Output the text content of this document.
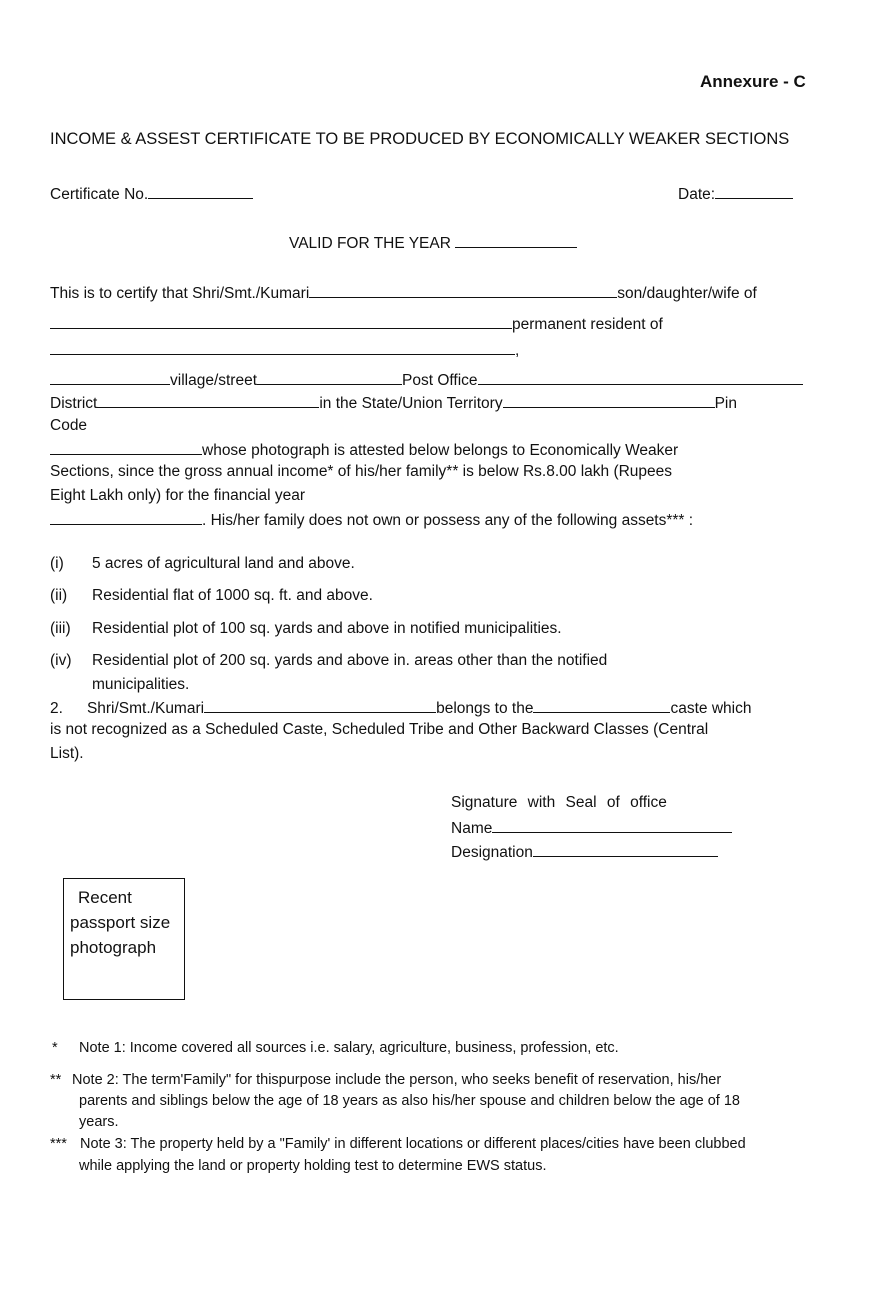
Annexure - C
INCOME & ASSEST CERTIFICATE TO BE PRODUCED BY ECONOMICALLY WEAKER SECTIONS
Certificate No.	Date:
VALID FOR THE YEAR
This is to certify that Shri/Smt./Kumari	son/daughter/wife of
permanent resident of
,
village/street	Post Office
District	in the State/Union Territory	Pin
Code
whose photograph is attested below belongs to Economically Weaker
Sections, since the gross annual income* of his/her family** is below Rs.8.00 lakh (Rupees
Eight Lakh only) for the financial year
. His/her family does not own or possess any of the following assets*** :
(i) 5 acres of agricultural land and above.
(ii) Residential flat of 1000 sq. ft. and above.
(iii) Residential plot of 100 sq. yards and above in notified municipalities.
(iv) Residential plot of 200 sq. yards and above in. areas other than the notified
municipalities.
2. Shri/Smt./Kumari	belongs to the	caste which
is not recognized as a Scheduled Caste, Scheduled Tribe and Other Backward Classes (Central
List).
Signature with Seal of office
Name
Designation
Recent
passport size
photograph
* Note 1: Income covered all sources i.e. salary, agriculture, business, profession, etc.
** Note 2: The term'Family" for thispurpose include the person, who seeks benefit of reservation, his/her
parents and siblings below the age of 18 years as also his/her spouse and children below the age of 18
years.
*** Note 3: The property held by a "Family' in different locations or different places/cities have been clubbed
while applying the land or property holding test to determine EWS status.
